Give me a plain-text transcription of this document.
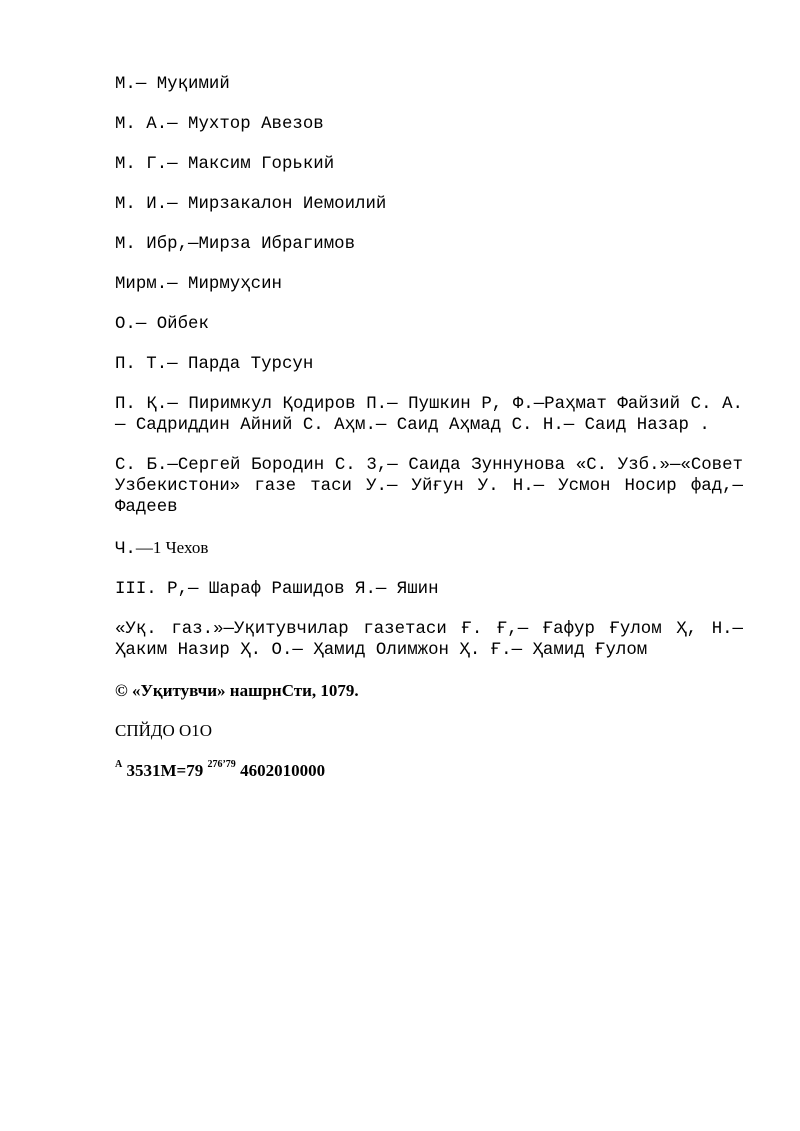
М.— Муқимий

М. А.— Мухтор Авезов

М. Г.— Максим Горький

М. И.— Мирзакалон Иемоилий

М. Ибр,—Мирза Ибрагимов

Мирм.— Мирмуҳсин

О.— Ойбек

П. Т.— Парда Турсун

П. Қ.— Пиримкул Қодиров П.— Пушкин Р, Ф.—Раҳмат Файзий С. А.— Садриддин Айний С. Аҳм.— Саид Аҳмад С. Н.— Саид Назар .

С. Б.—Сергей Бородин С. 3,— Саида Зуннунова «С. Узб.»—«Совет Узбекистони» газе таси У.— Уйғун У. Н.— Усмон Носир фад,— Фадеев

Ч.—1 Чехов

III. Р,— Шараф Рашидов Я.— Яшин

«Уқ. газ.»—Уқитувчилар газетаси Ғ. Ғ,— Ғафур Ғулом Ҳ, Н.— Ҳаким Назир Ҳ. О.— Ҳамид Олимжон Ҳ. Ғ.— Ҳамид Ғулом

© «Уқитувчи» нашрнСти, 1079.

СПЙДО О1О

$^А$ 3531М=79 $^{276’79}$ 4602010000
